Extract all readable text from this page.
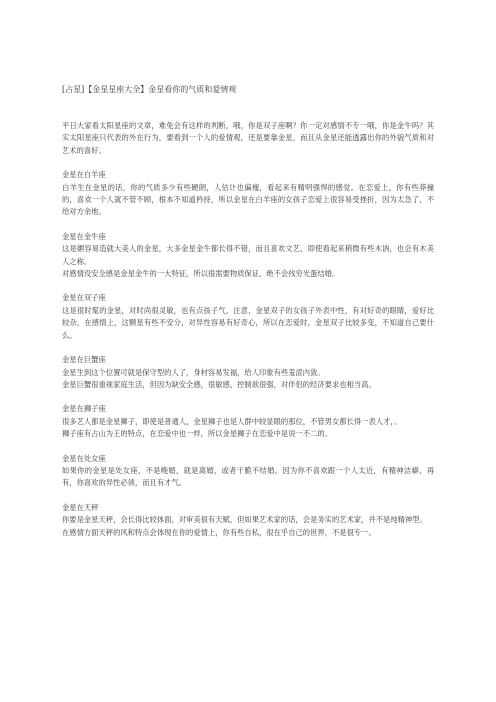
[占星]【金星星座大全】金星看你的气质和爱情观

平日大家看太阳星座的文章，难免会有这样的判断，哦，你是双子座啊？你一定对感情不专一哦，你是金牛吗？其实太阳星座只代表的外在行为，要看到一个人的爱情观，还是要靠金星，而且从金星还能透露出你的外貌气质和对艺术的喜好。

金星在白羊座

白羊生在金星的话，你的气质多少有些硬朗，人估计也偏瘦，看起来有精明强悍的感觉。在恋爱上，你有些莽撞的，喜欢一个人就不管不顾，根本不知道矜持，所以金星在白羊座的女孩子恋爱上很容易受挫折，因为太急了，不给对方余地。

金星在金牛座

这是媚容易造就大美人的金星，大多金星金牛都长得不错，而且喜欢文艺，即使看起来稍微有些木讷，也会有木美人之称。

对感情没安全感是金星金牛的一大特征，所以很需要物质保证，绝不会找穷光蛋结婚。

金星在双子座

这是很时髦的金星，对时尚很灵敏，也有点孩子气，注意，金星双子的女孩子外表中性，有对好奇的眼睛，爱好比较杂，在感情上，这颗星有些不安分，对异性容易有好奇心，所以在恋爱时，金星双子比较多变，不知道自己要什么。

金星在巨蟹座

金星生到这个位置可就是保守型的人了，身材容易发福，给人印象有些羞涩内敛。

金星巨蟹很重视家庭生活，但因为缺安全感，很敏感，控制欲很强，对伴侣的经济要求也相当高。

金星在狮子座

很多艺人都是金星狮子，即使是普通人，金星狮子也是人群中较显眼的那位，不管男女都长得一表人才，。

狮子座有占山为王的特点，在恋爱中也一样，所以金星狮子在恋爱中是说一不二的。

金星在处女座

如果你的金星是处女座，不是晚婚，就是离婚，或者干脆不结婚。因为你不喜欢跟一个人太近，有精神洁癖，再有，你喜欢的异性必须，而且有才气。

金星在天秤

你要是金星天秤，会长得比较体面，对审美很有天赋，但如果艺术家的话，会是务实的艺术家，并不是纯精神型。

在感情方面天秤的风和特点会体现在你的爱情上，你有些自私，很在乎自己的世界，不是很专一。
